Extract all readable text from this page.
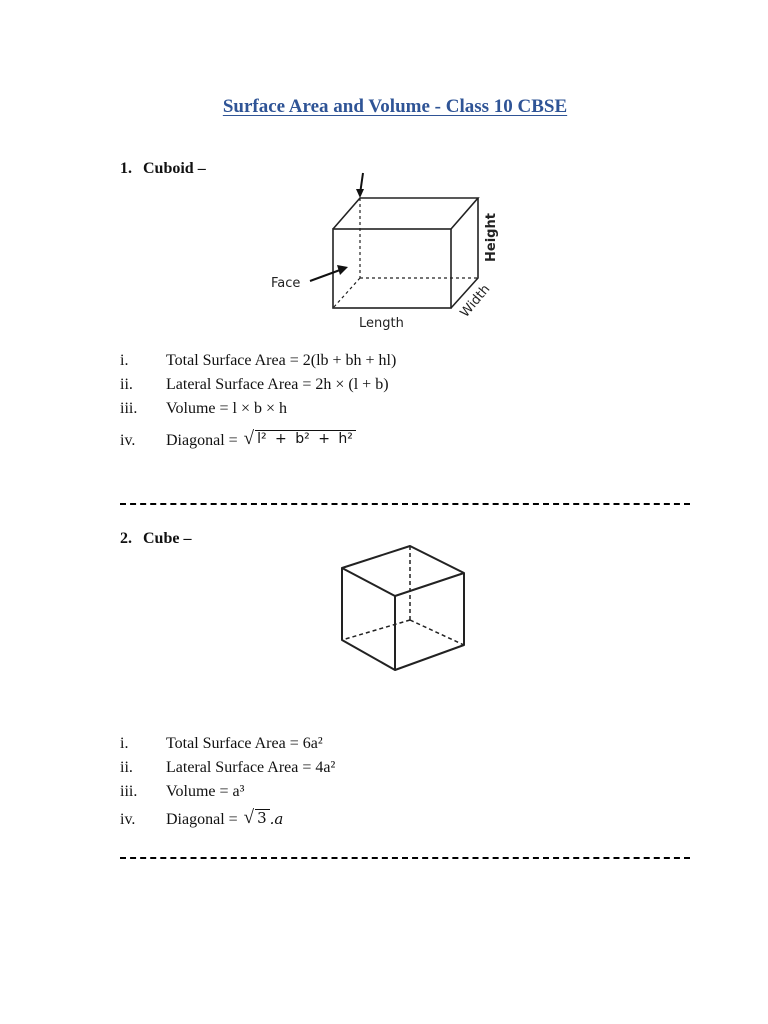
Surface Area and Volume - Class 10 CBSE
1. Cuboid –
Face
Length
Width
Height
i.	Total Surface Area = 2(lb + bh + hl)
ii.	Lateral Surface Area = 2h × (l + b)
iii.	Volume = l × b × h
iv.	Diagonal = √ l² + b² + h²
2. Cube –
i.	Total Surface Area = 6a²
ii.	Lateral Surface Area = 4a²
iii.	Volume = a³
iv.	Diagonal = √ 3 .a
